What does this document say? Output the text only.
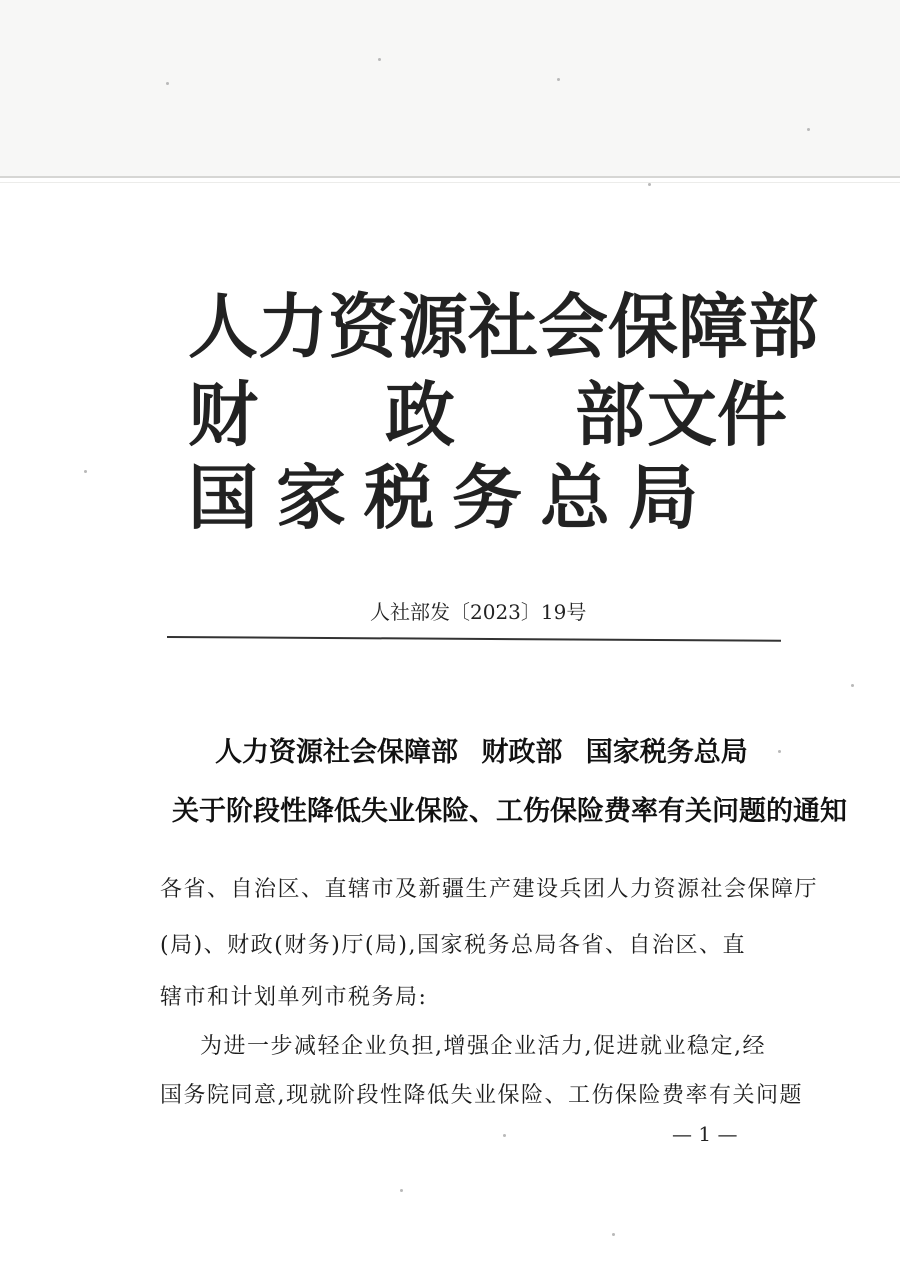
人力资源社会保障部
财 政 部 文件
国家税务总局
人社部发〔2023〕19号
人力资源社会保障部 财政部 国家税务总局
关于阶段性降低失业保险、工伤保险费率有关问题的通知
各省、自治区、直辖市及新疆生产建设兵团人力资源社会保障厅
(局)、财政(财务)厅(局),国家税务总局各省、自治区、直
辖市和计划单列市税务局:
为进一步减轻企业负担,增强企业活力,促进就业稳定,经
国务院同意,现就阶段性降低失业保险、工伤保险费率有关问题
— 1 —
